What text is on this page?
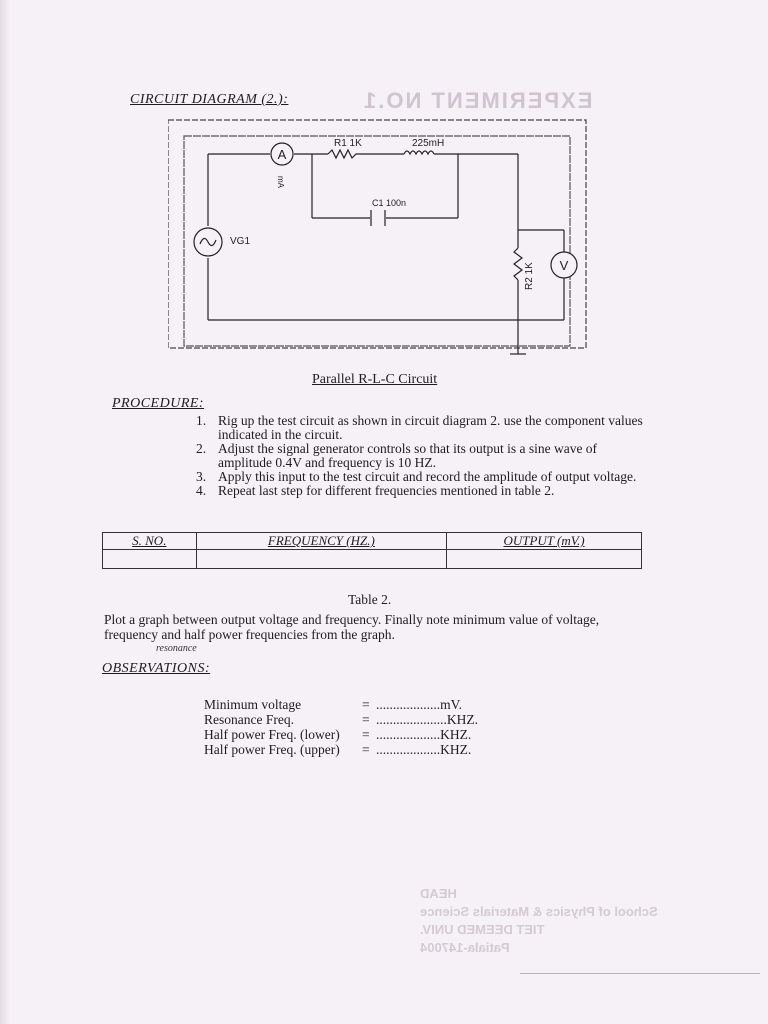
EXPERIMENT NO.1
HEAD
School of Physics & Materials Science
TIET DEEMED UNIV.
Patiala-147004
CIRCUIT DIAGRAM (2.):
A
V
R1 1K	225mH
C1 100n
VG1
mA
R2 1K
Parallel R-L-C Circuit
PROCEDURE:
1. Rig up the test circuit as shown in circuit diagram 2. use the component values indicated in the circuit.
2. Adjust the signal generator controls so that its output is a sine wave of amplitude 0.4V and frequency is 10 HZ.
3. Apply this input to the test circuit and record the amplitude of output voltage.
4. Repeat last step for different frequencies mentioned in table 2.
S. NO.	FREQUENCY (HZ.)	OUTPUT (mV.)

Table 2.
Plot a graph between output voltage and frequency. Finally note minimum value of voltage, frequency and half power frequencies from the graph.
resonance
OBSERVATIONS:
Minimum voltage	= ...................mV.
Resonance Freq.	= .....................KHZ.
Half power Freq. (lower)	= ...................KHZ.
Half power Freq. (upper)	= ...................KHZ.
